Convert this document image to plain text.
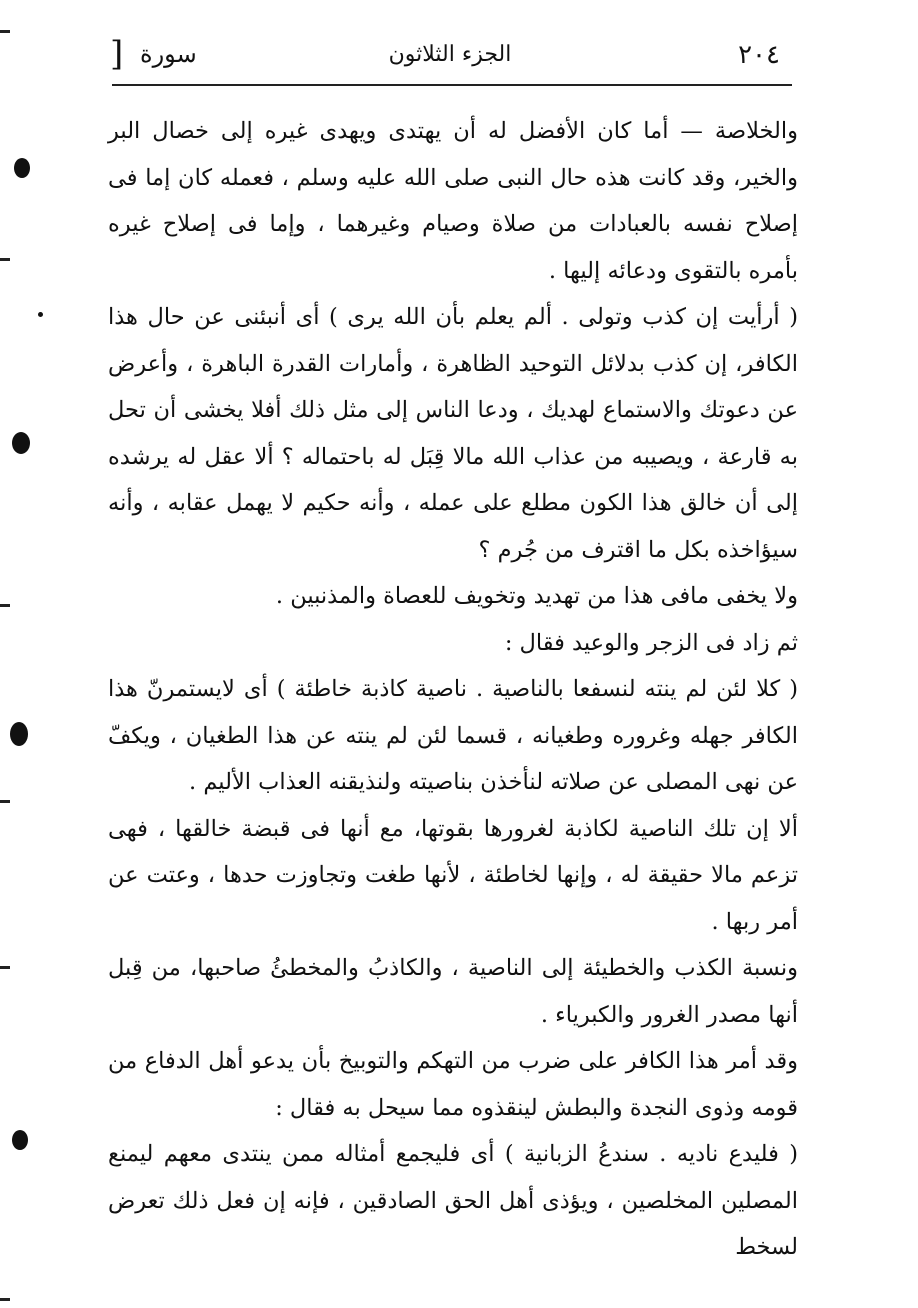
٢٠٤
الجزء الثلاثون
سورة
[

والخلاصة — أما كان الأفضل له أن يهتدى ويهدى غيره إلى خصال البر والخير، وقد كانت هذه حال النبى صلى الله عليه وسلم ، فعمله كان إما فى إصلاح نفسه بالعبادات من صلاة وصيام وغيرهما ، وإما فى إصلاح غيره بأمره بالتقوى ودعائه إليها .

( أرأيت إن كذب وتولى . ألم يعلم بأن الله يرى ) أى أنبئنى عن حال هذا الكافر، إن كذب بدلائل التوحيد الظاهرة ، وأمارات القدرة الباهرة ، وأعرض عن دعوتك والاستماع لهديك ، ودعا الناس إلى مثل ذلك أفلا يخشى أن تحل به قارعة ، ويصيبه من عذاب الله مالا قِبَل له باحتماله ؟ ألا عقل له يرشده إلى أن خالق هذا الكون مطلع على عمله ، وأنه حكيم لا يهمل عقابه ، وأنه سيؤاخذه بكل ما اقترف من جُرم ؟

ولا يخفى مافى هذا من تهديد وتخويف للعصاة والمذنبين .

ثم زاد فى الزجر والوعيد فقال :

( كلا لئن لم ينته لنسفعا بالناصية . ناصية كاذبة خاطئة ) أى لايستمرنّ هذا الكافر جهله وغروره وطغيانه ، قسما لئن لم ينته عن هذا الطغيان ، ويكفّ عن نهى المصلى عن صلاته لنأخذن بناصيته ولنذيقنه العذاب الأليم .

ألا إن تلك الناصية لكاذبة لغرورها بقوتها، مع أنها فى قبضة خالقها ، فهى تزعم مالا حقيقة له ، وإنها لخاطئة ، لأنها طغت وتجاوزت حدها ، وعتت عن أمر ربها .

ونسبة الكذب والخطيئة إلى الناصية ، والكاذبُ والمخطئُ صاحبها، من قِبل أنها مصدر الغرور والكبرياء .

وقد أمر هذا الكافر على ضرب من التهكم والتوبيخ بأن يدعو أهل الدفاع من قومه وذوى النجدة والبطش لينقذوه مما سيحل به فقال :

( فليدع ناديه . سندعُ الزبانية ) أى فليجمع أمثاله ممن ينتدى معهم ليمنع المصلين المخلصين ، ويؤذى أهل الحق الصادقين ، فإنه إن فعل ذلك تعرض لسخط
